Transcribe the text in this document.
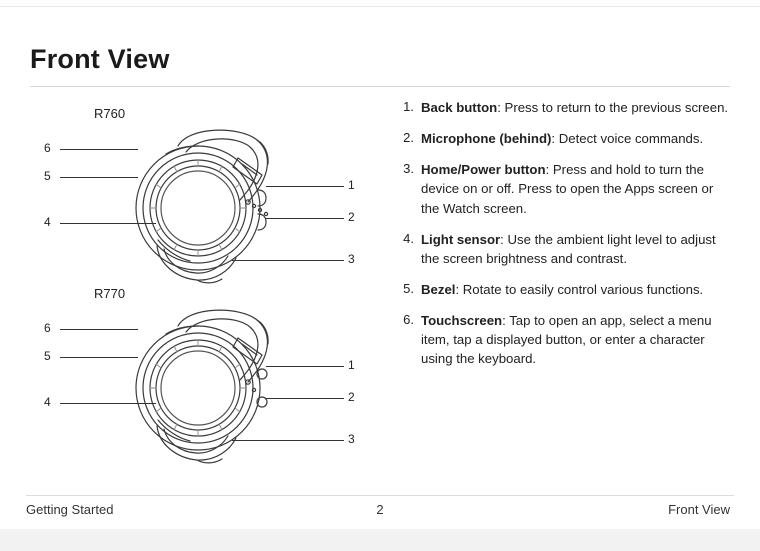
Front View
R760
6
5
4
1
2
3
R770
6
5
4
1
2
3
1. Back button: Press to return to the previous screen.
2. Microphone (behind): Detect voice commands.
3. Home/Power button: Press and hold to turn the device on or off. Press to open the Apps screen or the Watch screen.
4. Light sensor: Use the ambient light level to adjust the screen brightness and contrast.
5. Bezel: Rotate to easily control various functions.
6. Touchscreen: Tap to open an app, select a menu item, tap a displayed button, or enter a character using the keyboard.
Getting Started	2	Front View
